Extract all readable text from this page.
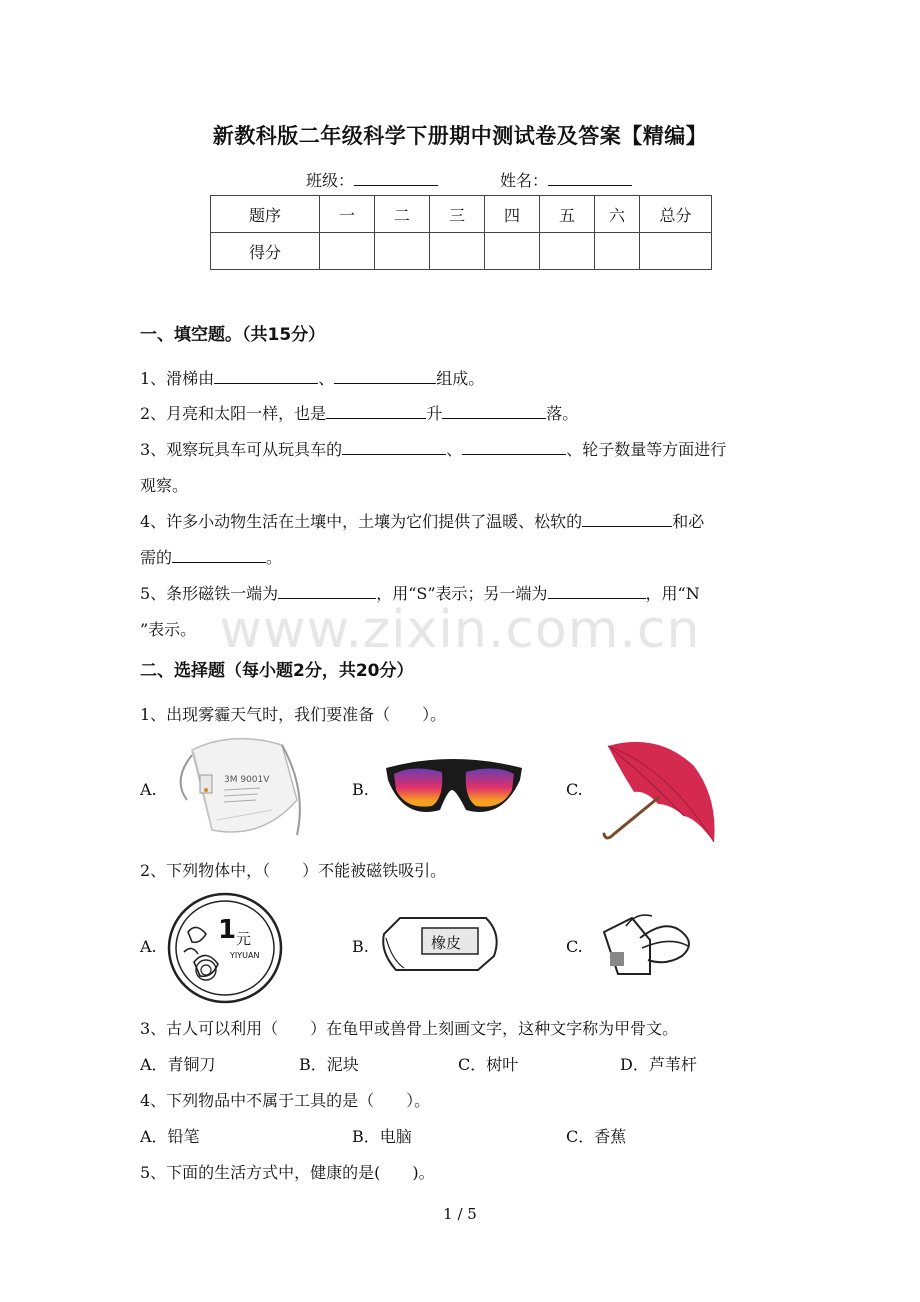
www.zixin.com.cn
新教科版二年级科学下册期中测试卷及答案【精编】
班级：	姓名：
题序	一	二	三	四	五	六	总分
得分							
一、填空题。（共15分）
1、滑梯由	、	组成。
2、月亮和太阳一样，也是	升	落。
3、观察玩具车可从玩具车的	、	、轮子数量等方面进行
观察。
4、许多小动物生活在土壤中，土壤为它们提供了温暖、松软的	和必
需的	。
5、条形磁铁一端为	，用“S”表示；另一端为	，用“N
”表示。
二、选择题（每小题2分，共20分）
1、出现雾霾天气时，我们要准备（　　）。
A.	3M 9001V	B.	C.
2、下列物体中，（　　）不能被磁铁吸引。
A.
1 元
YIYUAN	B.	橡皮	C.
3、古人可以利用（　　）在龟甲或兽骨上刻画文字，这种文字称为甲骨文。
A．青铜刀	B．泥块	C．树叶	D．芦苇杆
4、下列物品中不属于工具的是（　　）。
A．铅笔	B．电脑	C．香蕉
5、下面的生活方式中，健康的是(　　)。
1 / 5
